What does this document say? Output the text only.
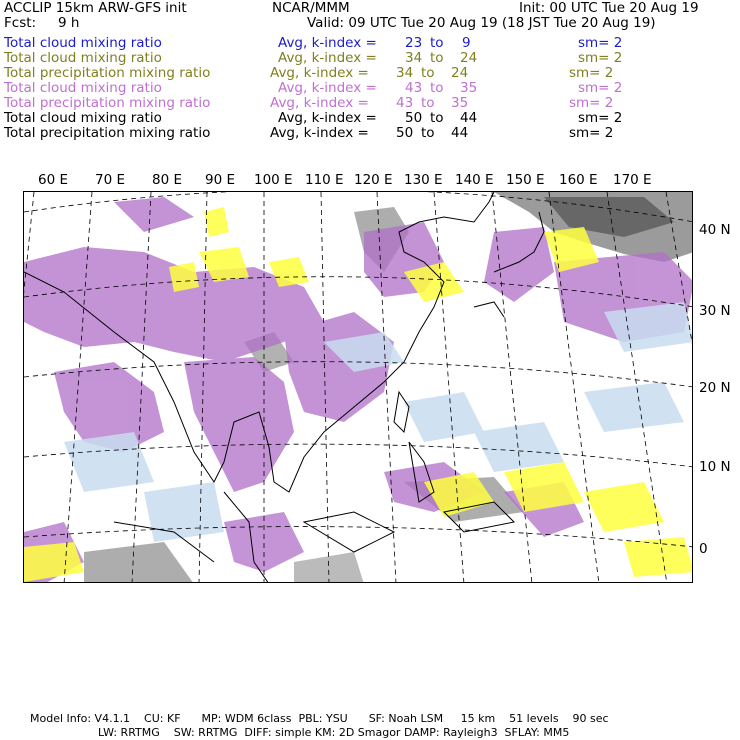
ACCLIP 15km ARW-GFS init	NCAR/MMM	Init: 00 UTC Tue 20 Aug 19
Fcst: 9 h	Valid: 09 UTC Tue 20 Aug 19 (18 JST Tue 20 Aug 19)
Total cloud mixing ratio	Avg, k-index = 23 to 9	sm= 2
Total cloud mixing ratio	Avg, k-index = 34 to 24	sm= 2
Total precipitation mixing ratio	Avg, k-index = 34 to 24	sm= 2
Total cloud mixing ratio	Avg, k-index = 43 to 35	sm= 2
Total precipitation mixing ratio	Avg, k-index = 43 to 35	sm= 2
Total cloud mixing ratio	Avg, k-index = 50 to 44	sm= 2
Total precipitation mixing ratio	Avg, k-index = 50 to 44	sm= 2
60 E 70 E 80 E 90 E 100 E 110 E 120 E 130 E 140 E 150 E 160 E 170 E
40 N
30 N
20 N
10 N
0
Model Info: V4.1.1    CU: KF      MP: WDM 6class  PBL: YSU      SF: Noah LSM     15 km    51 levels    90 sec
LW: RRTMG    SW: RRTMG  DIFF: simple KM: 2D Smagor DAMP: Rayleigh3  SFLAY: MM5
